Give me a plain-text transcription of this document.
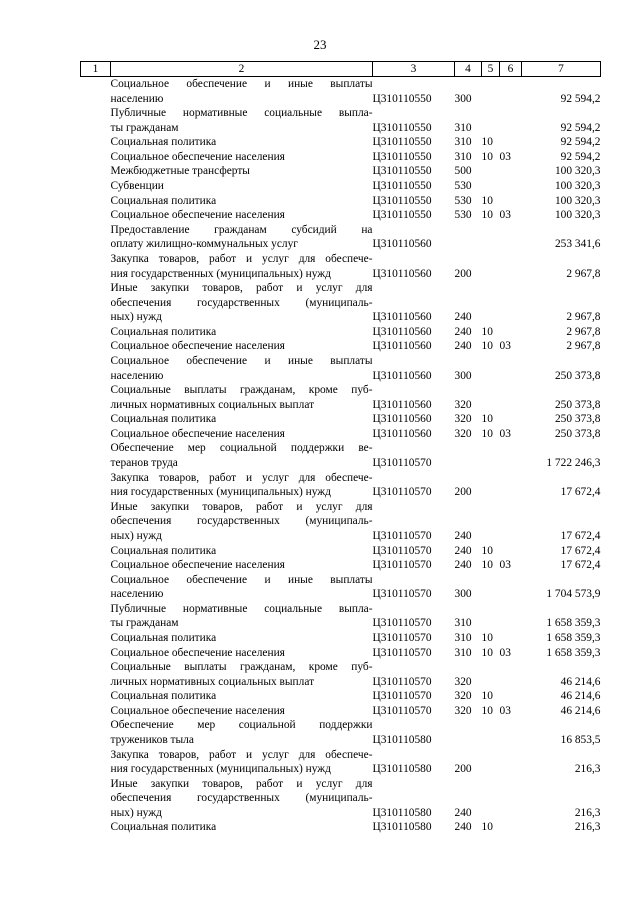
23
1	2	3	4	5	6	7

	Социальное обеспечение и иные выплаты
населению	Ц310110550	300			92 594,2

	Публичные нормативные социальные выпла-
ты гражданам	Ц310110550	310			92 594,2

	Социальная политика	Ц310110550	310	10		92 594,2

	Социальное обеспечение населения	Ц310110550	310	10	03	92 594,2

	Межбюджетные трансферты	Ц310110550	500			100 320,3

	Субвенции	Ц310110550	530			100 320,3

	Социальная политика	Ц310110550	530	10		100 320,3

	Социальное обеспечение населения	Ц310110550	530	10	03	100 320,3

	Предоставление гражданам субсидий на
оплату жилищно-коммунальных услуг	Ц310110560				253 341,6

	Закупка товаров, работ и услуг для обеспече-
ния государственных (муниципальных) нужд	Ц310110560	200			2 967,8

	Иные закупки товаров, работ и услуг для
обеспечения государственных (муниципаль-
ных) нужд	Ц310110560	240			2 967,8

	Социальная политика	Ц310110560	240	10		2 967,8

	Социальное обеспечение населения	Ц310110560	240	10	03	2 967,8

	Социальное обеспечение и иные выплаты
населению	Ц310110560	300			250 373,8

	Социальные выплаты гражданам, кроме пуб-
личных нормативных социальных выплат	Ц310110560	320			250 373,8

	Социальная политика	Ц310110560	320	10		250 373,8

	Социальное обеспечение населения	Ц310110560	320	10	03	250 373,8

	Обеспечение мер социальной поддержки ве-
теранов труда	Ц310110570				1 722 246,3

	Закупка товаров, работ и услуг для обеспече-
ния государственных (муниципальных) нужд	Ц310110570	200			17 672,4

	Иные закупки товаров, работ и услуг для
обеспечения государственных (муниципаль-
ных) нужд	Ц310110570	240			17 672,4

	Социальная политика	Ц310110570	240	10		17 672,4

	Социальное обеспечение населения	Ц310110570	240	10	03	17 672,4

	Социальное обеспечение и иные выплаты
населению	Ц310110570	300			1 704 573,9

	Публичные нормативные социальные выпла-
ты гражданам	Ц310110570	310			1 658 359,3

	Социальная политика	Ц310110570	310	10		1 658 359,3

	Социальное обеспечение населения	Ц310110570	310	10	03	1 658 359,3

	Социальные выплаты гражданам, кроме пуб-
личных нормативных социальных выплат	Ц310110570	320			46 214,6

	Социальная политика	Ц310110570	320	10		46 214,6

	Социальное обеспечение населения	Ц310110570	320	10	03	46 214,6

	Обеспечение мер социальной поддержки
тружеников тыла	Ц310110580				16 853,5

	Закупка товаров, работ и услуг для обеспече-
ния государственных (муниципальных) нужд	Ц310110580	200			216,3

	Иные закупки товаров, работ и услуг для
обеспечения государственных (муниципаль-
ных) нужд	Ц310110580	240			216,3

	Социальная политика	Ц310110580	240	10		216,3
